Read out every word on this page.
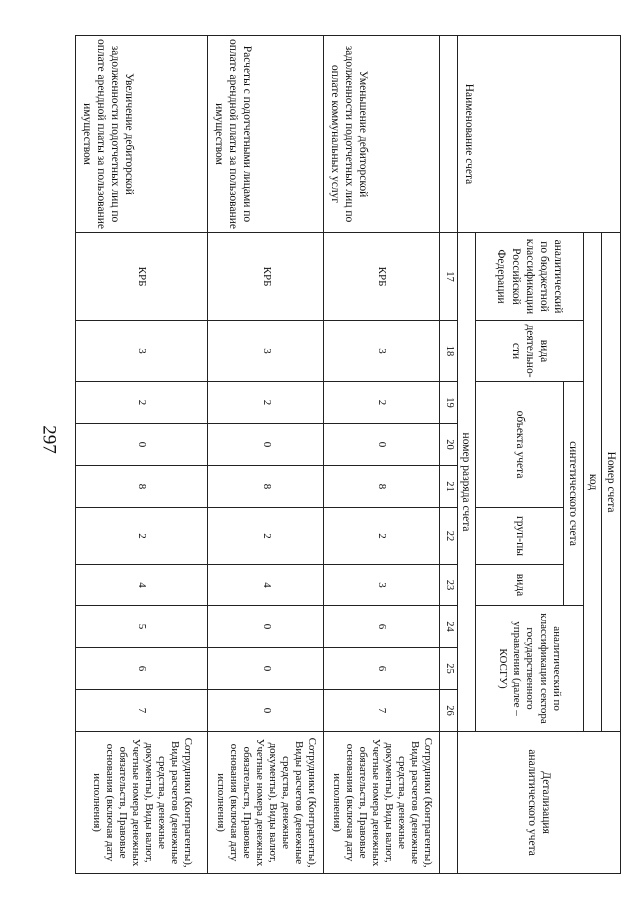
297
Наименование счета	Номер счета										Детализация аналитического учета
	код										
	аналитический по бюджетной классификации Российской Федерации	вида деятельно-сти	синтетического счета					аналитический по классификации сектора государственного управления (далее – КОСГУ)			
			объекта учета			груп-пы	вида				
	номер разряда счета										
	17	18	19	20	21	22	23	24	25	26	
Уменьшение дебиторской задолженности подотчетных лиц по оплате коммунальных услуг	КРБ	3	2	0	8	2	3	6	6	7	Сотрудники (Контрагенты), Виды расчетов (денежные средства, денежные документы), Виды валют, Учетные номера денежных обязательств, Правовые основания (включая дату исполнения)
Расчеты с подотчетными лицами по оплате арендной платы за пользование имуществом	КРБ	3	2	0	8	2	4	0	0	0	Сотрудники (Контрагенты), Виды расчетов (денежные средства, денежные документы), Виды валют, Учетные номера денежных обязательств, Правовые основания (включая дату исполнения)
Увеличение дебиторской задолженности подотчетных лиц по оплате арендной платы за пользование имуществом	КРБ	3	2	0	8	2	4	5	6	7	Сотрудники (Контрагенты), Виды расчетов (денежные средства, денежные документы), Виды валют, Учетные номера денежных обязательств, Правовые основания (включая дату исполнения)
